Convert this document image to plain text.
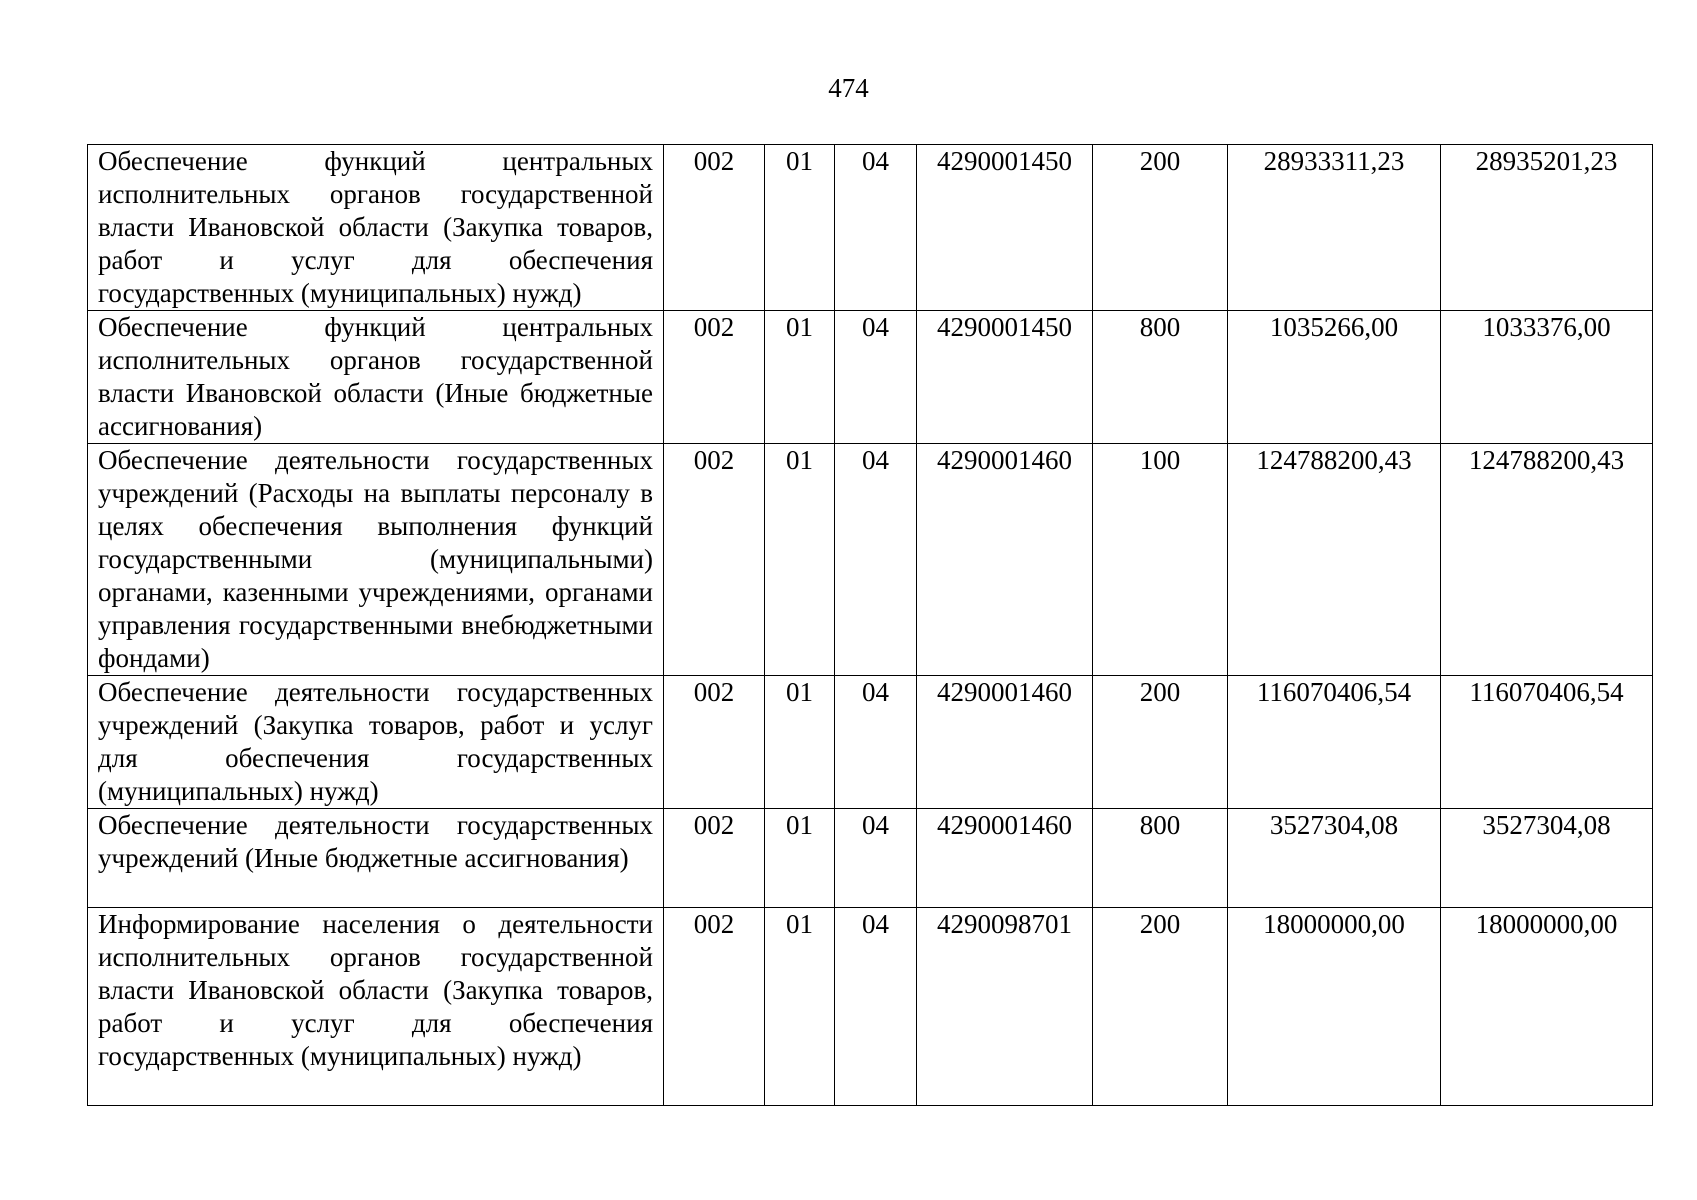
474
Обеспечение функций центральных исполнительных органов государственной власти Ивановской области (Закупка товаров, работ и услуг для обеспечения государственных (муниципальных) нужд)	002	01	04	4290001450	200	28933311,23	28935201,23
Обеспечение функций центральных исполнительных органов государственной власти Ивановской области (Иные бюджетные ассигнования)	002	01	04	4290001450	800	1035266,00	1033376,00
Обеспечение деятельности государственных учреждений (Расходы на выплаты персоналу в целях обеспечения выполнения функций государственными (муниципальными) органами, казенными учреждениями, органами управления государственными внебюджетными фондами)	002	01	04	4290001460	100	124788200,43	124788200,43
Обеспечение деятельности государственных учреждений (Закупка товаров, работ и услуг для обеспечения государственных (муниципальных) нужд)	002	01	04	4290001460	200	116070406,54	116070406,54
Обеспечение деятельности государственных учреждений (Иные бюджетные ассигнования)	002	01	04	4290001460	800	3527304,08	3527304,08
Информирование населения о деятельности исполнительных органов государственной власти Ивановской области (Закупка товаров, работ и услуг для обеспечения государственных (муниципальных) нужд)	002	01	04	4290098701	200	18000000,00	18000000,00
